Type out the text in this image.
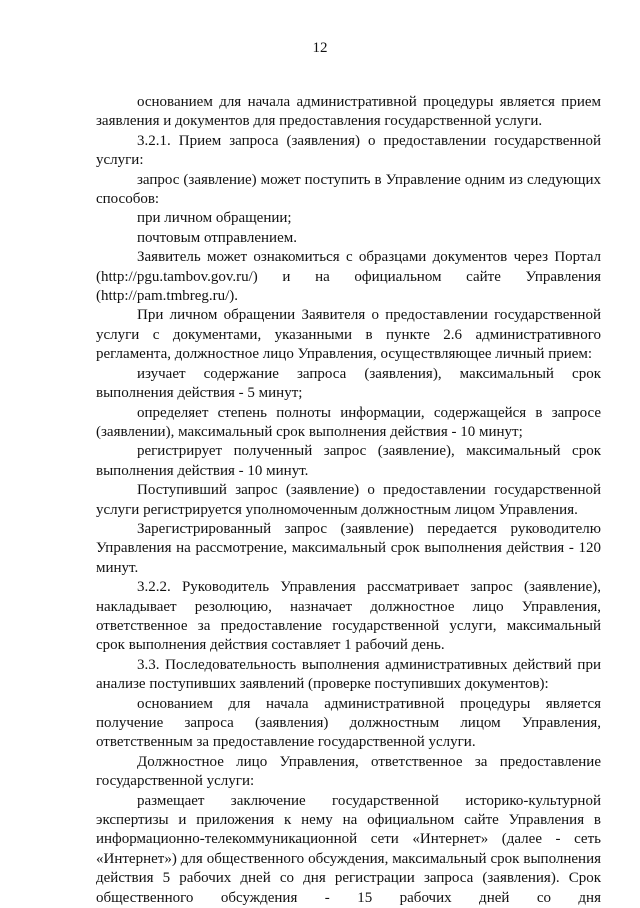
12

основанием для начала административной процедуры является прием заявления и документов для предоставления государственной услуги.

3.2.1. Прием запроса (заявления) о предоставлении государственной услуги:

запрос (заявление) может поступить в Управление одним из следующих способов:

при личном обращении;

почтовым отправлением.

Заявитель может ознакомиться с образцами документов через Портал (http://pgu.tambov.gov.ru/) и на официальном сайте Управления (http://pam.tmbreg.ru/).

При личном обращении Заявителя о предоставлении государственной услуги с документами, указанными в пункте 2.6 административного регламента, должностное лицо Управления, осуществляющее личный прием:

изучает содержание запроса (заявления), максимальный срок выполнения действия - 5 минут;

определяет степень полноты информации, содержащейся в запросе (заявлении), максимальный срок выполнения действия - 10 минут;

регистрирует полученный запрос (заявление), максимальный срок выполнения действия - 10 минут.

Поступивший запрос (заявление) о предоставлении государственной услуги регистрируется уполномоченным должностным лицом Управления.

Зарегистрированный запрос (заявление) передается руководителю Управления на рассмотрение, максимальный срок выполнения действия - 120 минут.

3.2.2. Руководитель Управления рассматривает запрос (заявление), накладывает резолюцию, назначает должностное лицо Управления, ответственное за предоставление государственной услуги, максимальный срок выполнения действия составляет 1 рабочий день.

3.3. Последовательность выполнения административных действий при анализе поступивших заявлений (проверке поступивших документов):

основанием для начала административной процедуры является получение запроса (заявления) должностным лицом Управления, ответственным за предоставление государственной услуги.

Должностное лицо Управления, ответственное за предоставление государственной услуги:

размещает заключение государственной историко-культурной экспертизы и приложения к нему на официальном сайте Управления в информационно-телекоммуникационной сети «Интернет» (далее - сеть «Интернет») для общественного обсуждения, максимальный срок выполнения действия 5 рабочих дней со дня регистрации запроса (заявления). Срок общественного обсуждения - 15 рабочих дней со дня
